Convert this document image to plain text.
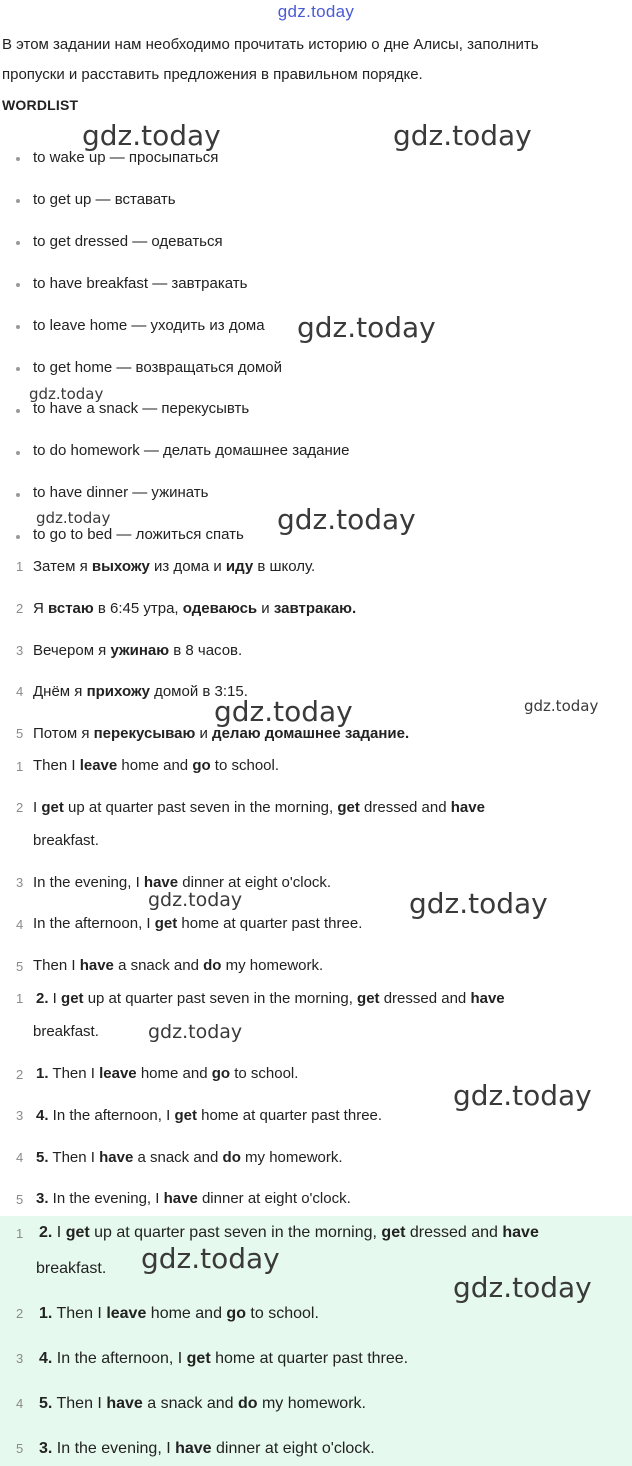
gdz.today
В этом задании нам необходимо прочитать историю о дне Алисы, заполнить
пропуски и расставить предложения в правильном порядке.
WORDLIST
to wake up — просыпаться
to get up — вставать
to get dressed — одеваться
to have breakfast — завтракать
to leave home — уходить из дома
to get home — возвращаться домой
to have a snack — перекусывть
to do homework — делать домашнее задание
to have dinner — ужинать
to go to bed — ложиться спать
1 Затем я выхожу из дома и иду в школу.
2 Я встаю в 6:45 утра, одеваюсь и завтракаю.
3 Вечером я ужинаю в 8 часов.
4 Днём я прихожу домой в 3:15.
5 Потом я перекусываю и делаю домашнее задание.
1 Then I leave home and go to school.
2 I get up at quarter past seven in the morning, get dressed and have
breakfast.
3 In the evening, I have dinner at eight o'clock.
4 In the afternoon, I get home at quarter past three.
5 Then I have a snack and do my homework.
1 2. I get up at quarter past seven in the morning, get dressed and have
breakfast.
2 1. Then I leave home and go to school.
3 4. In the afternoon, I get home at quarter past three.
4 5. Then I have a snack and do my homework.
5 3. In the evening, I have dinner at eight o'clock.
1 2. I get up at quarter past seven in the morning, get dressed and have
breakfast.
2 1. Then I leave home and go to school.
3 4. In the afternoon, I get home at quarter past three.
4 5. Then I have a snack and do my homework.
5 3. In the evening, I have dinner at eight o'clock.
gdz.today	gdz.today
gdz.today
gdz.today
gdz.today	gdz.today
gdz.today	gdz.today
gdz.today	gdz.today
gdz.today
gdz.today
gdz.today
gdz.today
